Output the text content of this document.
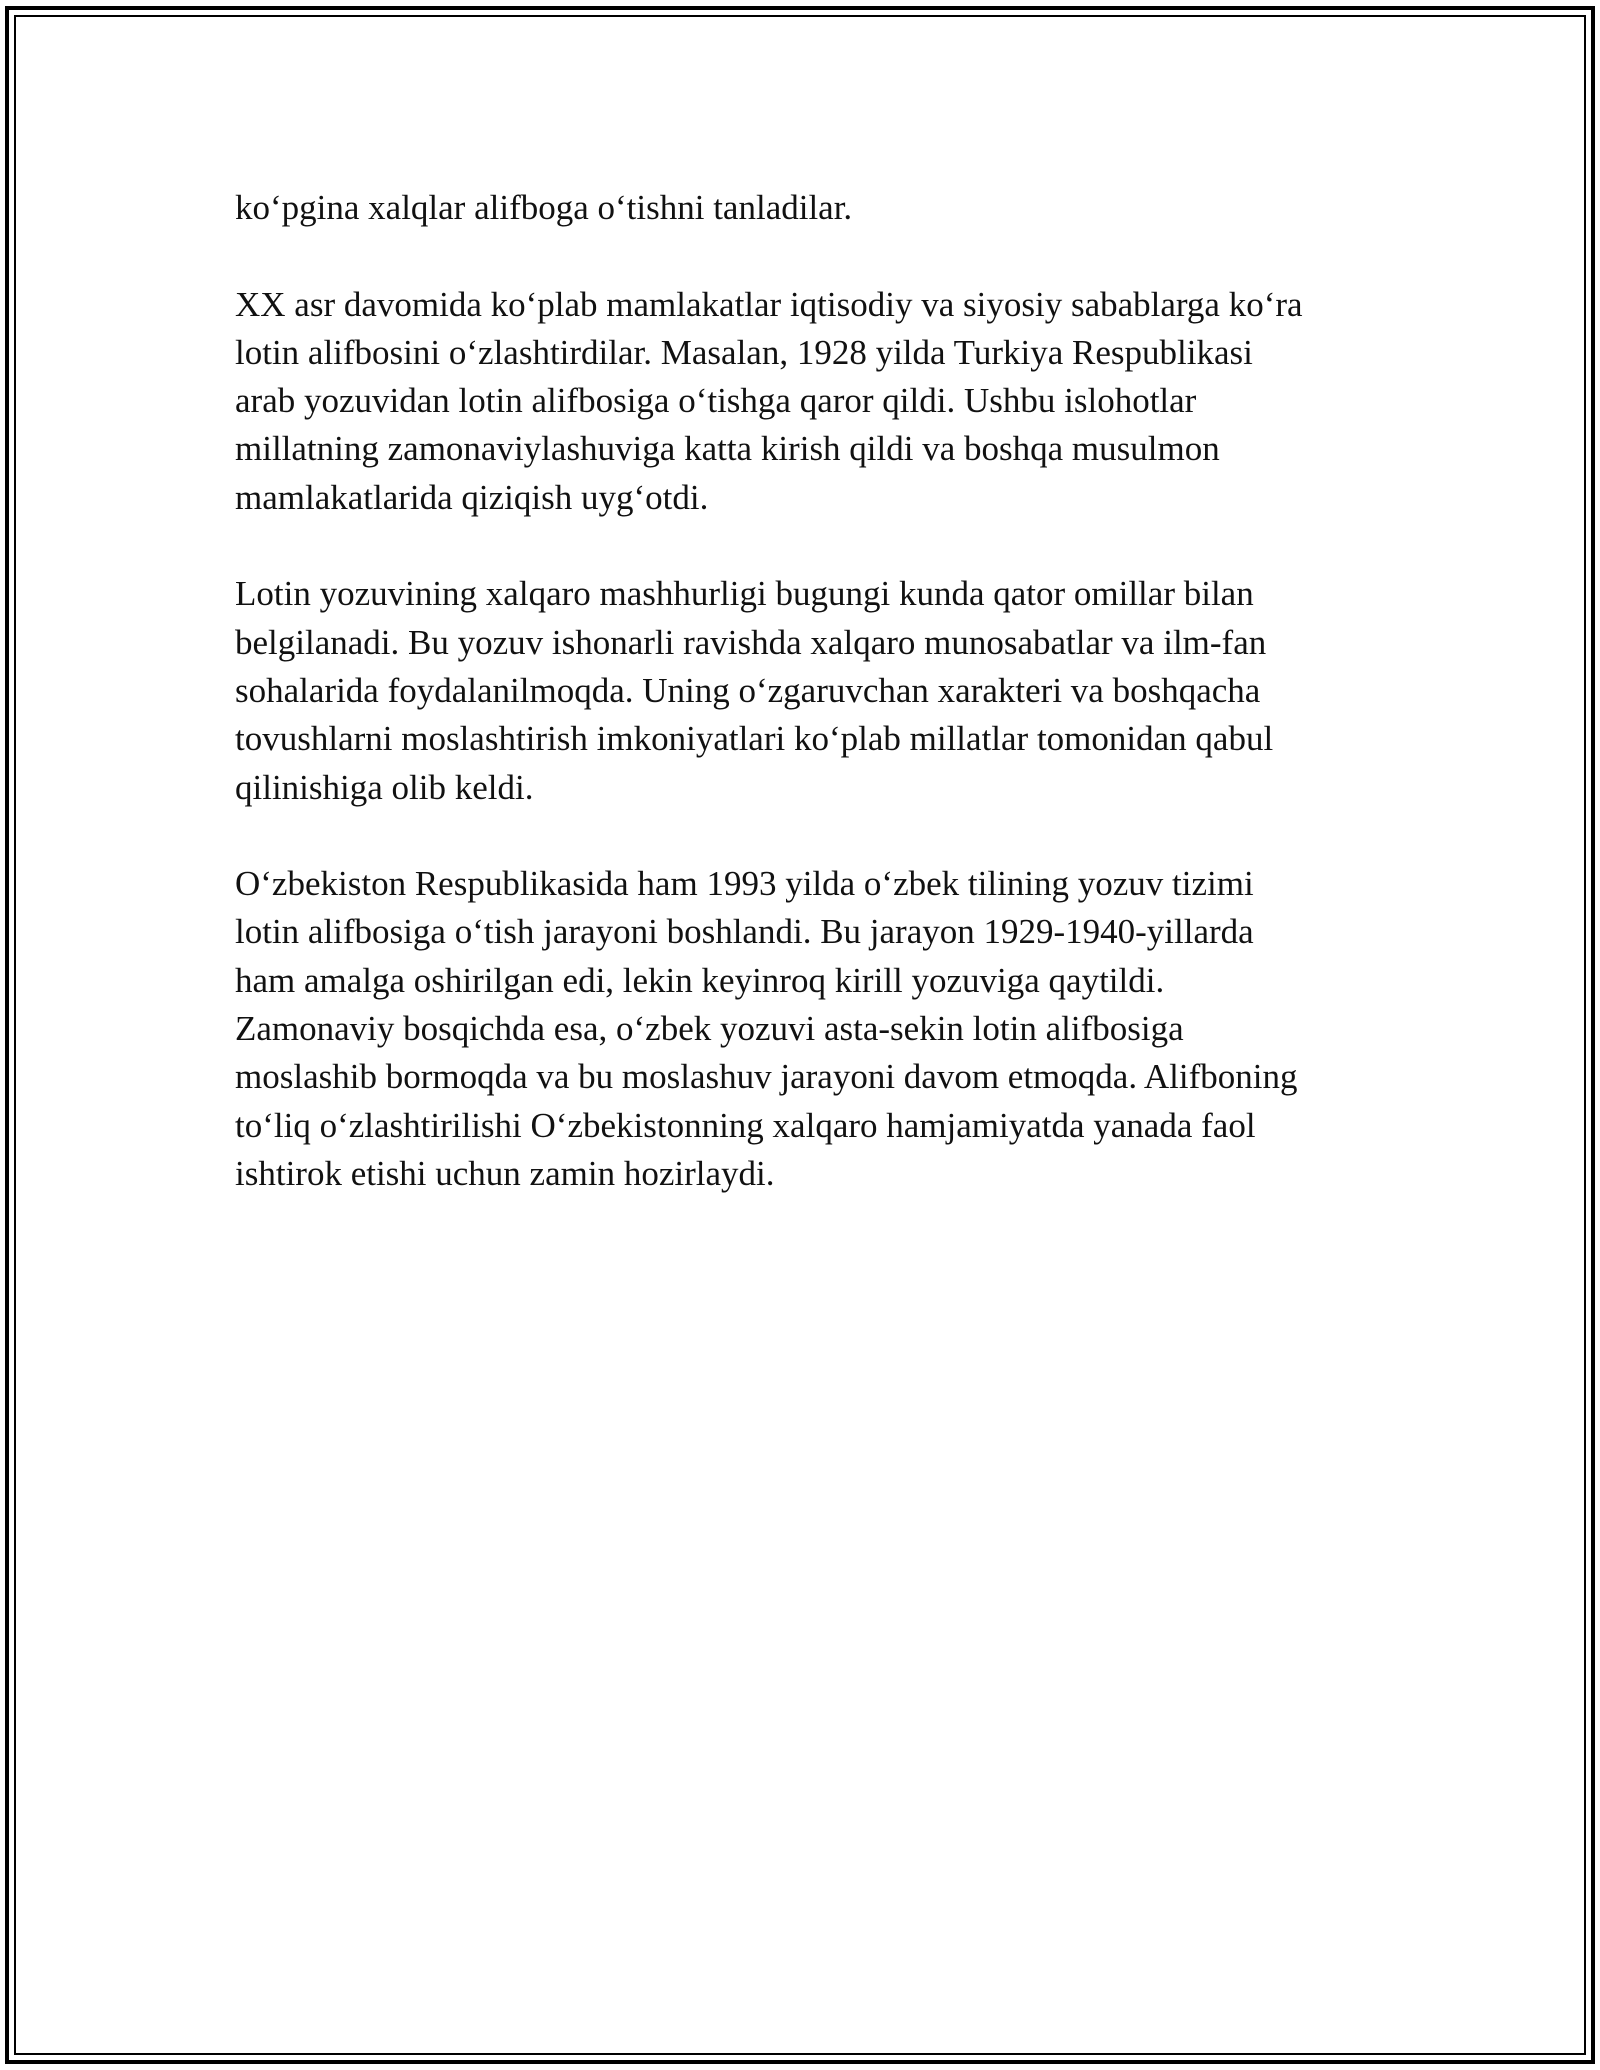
ko‘pgina xalqlar alifboga o‘tishni tanladilar.

XX asr davomida ko‘plab mamlakatlar iqtisodiy va siyosiy sabablarga ko‘ra
lotin alifbosini o‘zlashtirdilar. Masalan, 1928 yilda Turkiya Respublikasi
arab yozuvidan lotin alifbosiga o‘tishga qaror qildi. Ushbu islohotlar
millatning zamonaviylashuviga katta kirish qildi va boshqa musulmon
mamlakatlarida qiziqish uyg‘otdi.

Lotin yozuvining xalqaro mashhurligi bugungi kunda qator omillar bilan
belgilanadi. Bu yozuv ishonarli ravishda xalqaro munosabatlar va ilm-fan
sohalarida foydalanilmoqda. Uning o‘zgaruvchan xarakteri va boshqacha
tovushlarni moslashtirish imkoniyatlari ko‘plab millatlar tomonidan qabul
qilinishiga olib keldi.

O‘zbekiston Respublikasida ham 1993 yilda o‘zbek tilining yozuv tizimi
lotin alifbosiga o‘tish jarayoni boshlandi. Bu jarayon 1929-1940-yillarda
ham amalga oshirilgan edi, lekin keyinroq kirill yozuviga qaytildi.
Zamonaviy bosqichda esa, o‘zbek yozuvi asta-sekin lotin alifbosiga
moslashib bormoqda va bu moslashuv jarayoni davom etmoqda. Alifboning
to‘liq o‘zlashtirilishi O‘zbekistonning xalqaro hamjamiyatda yanada faol
ishtirok etishi uchun zamin hozirlaydi.
